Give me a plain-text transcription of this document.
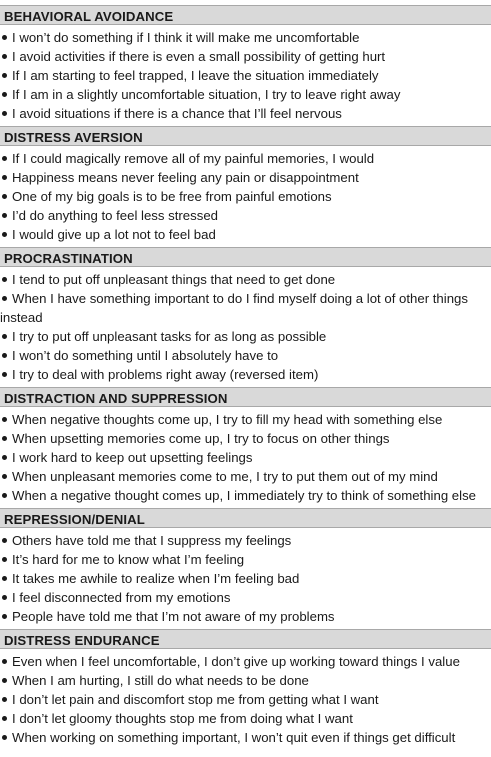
BEHAVIORAL AVOIDANCE
I won’t do something if I think it will make me uncomfortable
I avoid activities if there is even a small possibility of getting hurt
If I am starting to feel trapped, I leave the situation immediately
If I am in a slightly uncomfortable situation, I try to leave right away
I avoid situations if there is a chance that I’ll feel nervous
DISTRESS AVERSION
If I could magically remove all of my painful memories, I would
Happiness means never feeling any pain or disappointment
One of my big goals is to be free from painful emotions
I’d do anything to feel less stressed
I would give up a lot not to feel bad
PROCRASTINATION
I tend to put off unpleasant things that need to get done
When I have something important to do I find myself doing a lot of other things
instead
I try to put off unpleasant tasks for as long as possible
I won’t do something until I absolutely have to
I try to deal with problems right away (reversed item)
DISTRACTION AND SUPPRESSION
When negative thoughts come up, I try to fill my head with something else
When upsetting memories come up, I try to focus on other things
I work hard to keep out upsetting feelings
When unpleasant memories come to me, I try to put them out of my mind
When a negative thought comes up, I immediately try to think of something else
REPRESSION/DENIAL
Others have told me that I suppress my feelings
It’s hard for me to know what I’m feeling
It takes me awhile to realize when I’m feeling bad
I feel disconnected from my emotions
People have told me that I’m not aware of my problems
DISTRESS ENDURANCE
Even when I feel uncomfortable, I don’t give up working toward things I value
When I am hurting, I still do what needs to be done
I don’t let pain and discomfort stop me from getting what I want
I don’t let gloomy thoughts stop me from doing what I want
When working on something important, I won’t quit even if things get difficult
